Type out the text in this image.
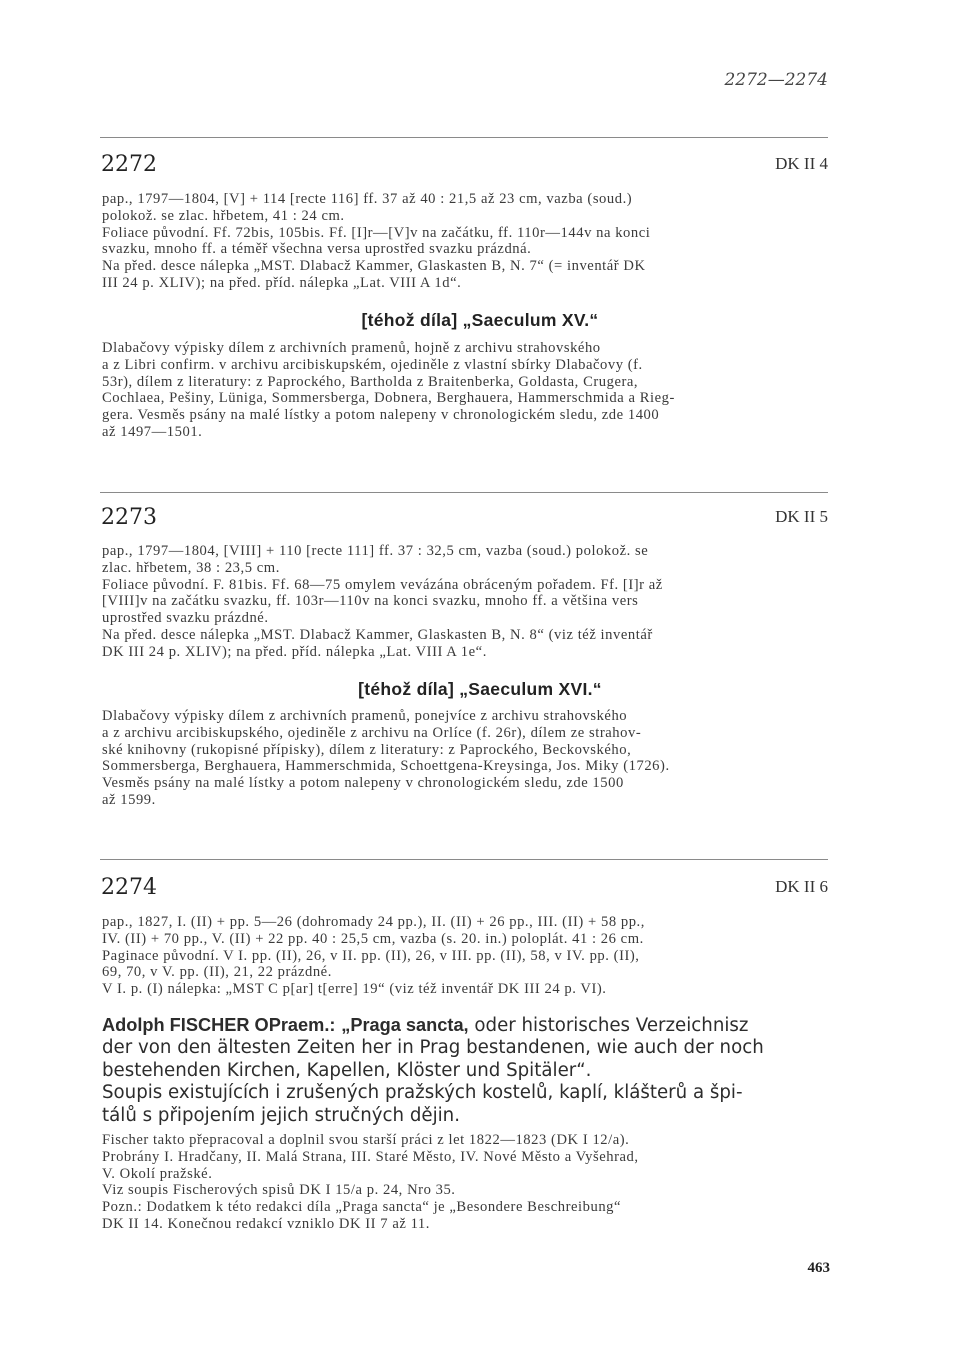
2272—2274
2272	DK II 4
pap., 1797—1804, [V] + 114 [recte 116] ff. 37 až 40 : 21,5 až 23 cm, vazba (soud.)
polokož. se zlac. hřbetem, 41 : 24 cm.
Foliace původní. Ff. 72bis, 105bis. Ff. [I]r—[V]v na začátku, ff. 110r—144v na konci
svazku, mnoho ff. a téměř všechna versa uprostřed svazku prázdná.
Na před. desce nálepka „MST. Dlabacž Kammer, Glaskasten B, N. 7“ (= inventář DK
III 24 p. XLIV); na před. příd. nálepka „Lat. VIII A 1d“.
[téhož díla] „Saeculum XV.“
Dlabačovy výpisky dílem z archivních pramenů, hojně z archivu strahovského
a z Libri confirm. v archivu arcibiskupském, ojediněle z vlastní sbírky Dlabačovy (f.
53r), dílem z literatury: z Paprockého, Bartholda z Braitenberka, Goldasta, Crugera,
Cochlaea, Pešiny, Lüniga, Sommersberga, Dobnera, Berghauera, Hammerschmida a Rieg-
gera. Vesměs psány na malé lístky a potom nalepeny v chronologickém sledu, zde 1400
až 1497—1501.
2273	DK II 5
pap., 1797—1804, [VIII] + 110 [recte 111] ff. 37 : 32,5 cm, vazba (soud.) polokož. se
zlac. hřbetem, 38 : 23,5 cm.
Foliace původní. F. 81bis. Ff. 68—75 omylem vevázána obráceným pořadem. Ff. [I]r až
[VIII]v na začátku svazku, ff. 103r—110v na konci svazku, mnoho ff. a většina vers
uprostřed svazku prázdné.
Na před. desce nálepka „MST. Dlabacž Kammer, Glaskasten B, N. 8“ (viz též inventář
DK III 24 p. XLIV); na před. příd. nálepka „Lat. VIII A 1e“.
[téhož díla] „Saeculum XVI.“
Dlabačovy výpisky dílem z archivních pramenů, ponejvíce z archivu strahovského
a z archivu arcibiskupského, ojediněle z archivu na Orlíce (f. 26r), dílem ze strahov-
ské knihovny (rukopisné přípisky), dílem z literatury: z Paprockého, Beckovského,
Sommersberga, Berghauera, Hammerschmida, Schoettgena-Kreysinga, Jos. Miky (1726).
Vesměs psány na malé lístky a potom nalepeny v chronologickém sledu, zde 1500
až 1599.
2274	DK II 6
pap., 1827, I. (II) + pp. 5—26 (dohromady 24 pp.), II. (II) + 26 pp., III. (II) + 58 pp.,
IV. (II) + 70 pp., V. (II) + 22 pp. 40 : 25,5 cm, vazba (s. 20. in.) poloplát. 41 : 26 cm.
Paginace původní. V I. pp. (II), 26, v II. pp. (II), 26, v III. pp. (II), 58, v IV. pp. (II),
69, 70, v V. pp. (II), 21, 22 prázdné.
V I. p. (I) nálepka: „MST C p[ar] t[erre] 19“ (viz též inventář DK III 24 p. VI).
Adolph FISCHER OPraem.: „Praga sancta, oder historisches Verzeichnisz
der von den ältesten Zeiten her in Prag bestandenen, wie auch der noch
bestehenden Kirchen, Kapellen, Klöster und Spitäler“.
Soupis existujících i zrušených pražských kostelů, kaplí, klášterů a špi-
tálů s připojením jejich stručných dějin.
Fischer takto přepracoval a doplnil svou starší práci z let 1822—1823 (DK I 12/a).
Probrány I. Hradčany, II. Malá Strana, III. Staré Město, IV. Nové Město a Vyšehrad,
V. Okolí pražské.
Viz soupis Fischerových spisů DK I 15/a p. 24, Nro 35.
Pozn.: Dodatkem k této redakci díla „Praga sancta“ je „Besondere Beschreibung“
DK II 14. Konečnou redakcí vzniklo DK II 7 až 11.
463
